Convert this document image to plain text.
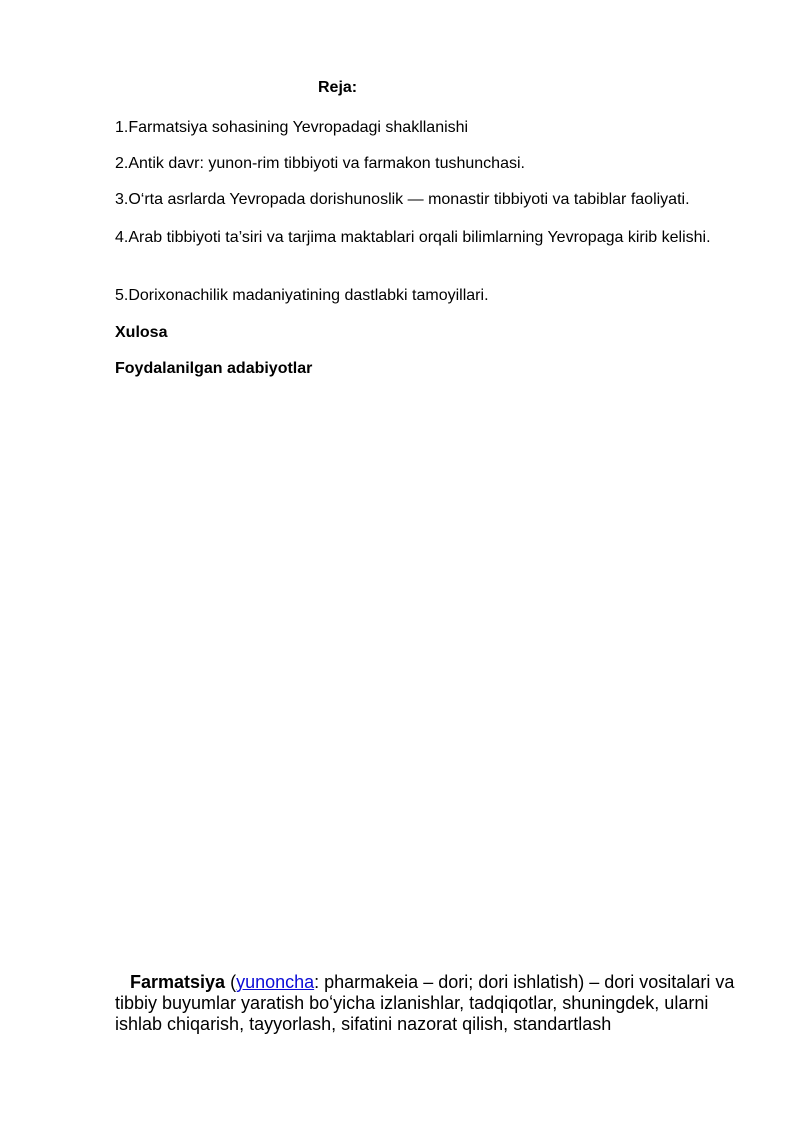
Reja:

1.Farmatsiya sohasining Yevropadagi shakllanishi

2.Antik davr: yunon-rim tibbiyoti va farmakon tushunchasi.

3.O‘rta asrlarda Yevropada dorishunoslik — monastir tibbiyoti va tabiblar faoliyati.

4.Arab tibbiyoti ta’siri va tarjima maktablari orqali bilimlarning Yevropaga kirib kelishi.

5.Dorixonachilik madaniyatining dastlabki tamoyillari.

Xulosa

Foydalanilgan adabiyotlar

Farmatsiya (yunoncha: pharmakeia – dori; dori ishlatish) – dori vositalari va tibbiy buyumlar yaratish boʻyicha izlanishlar, tadqiqotlar, shuningdek, ularni ishlab chiqarish, tayyorlash, sifatini nazorat qilish, standartlash
